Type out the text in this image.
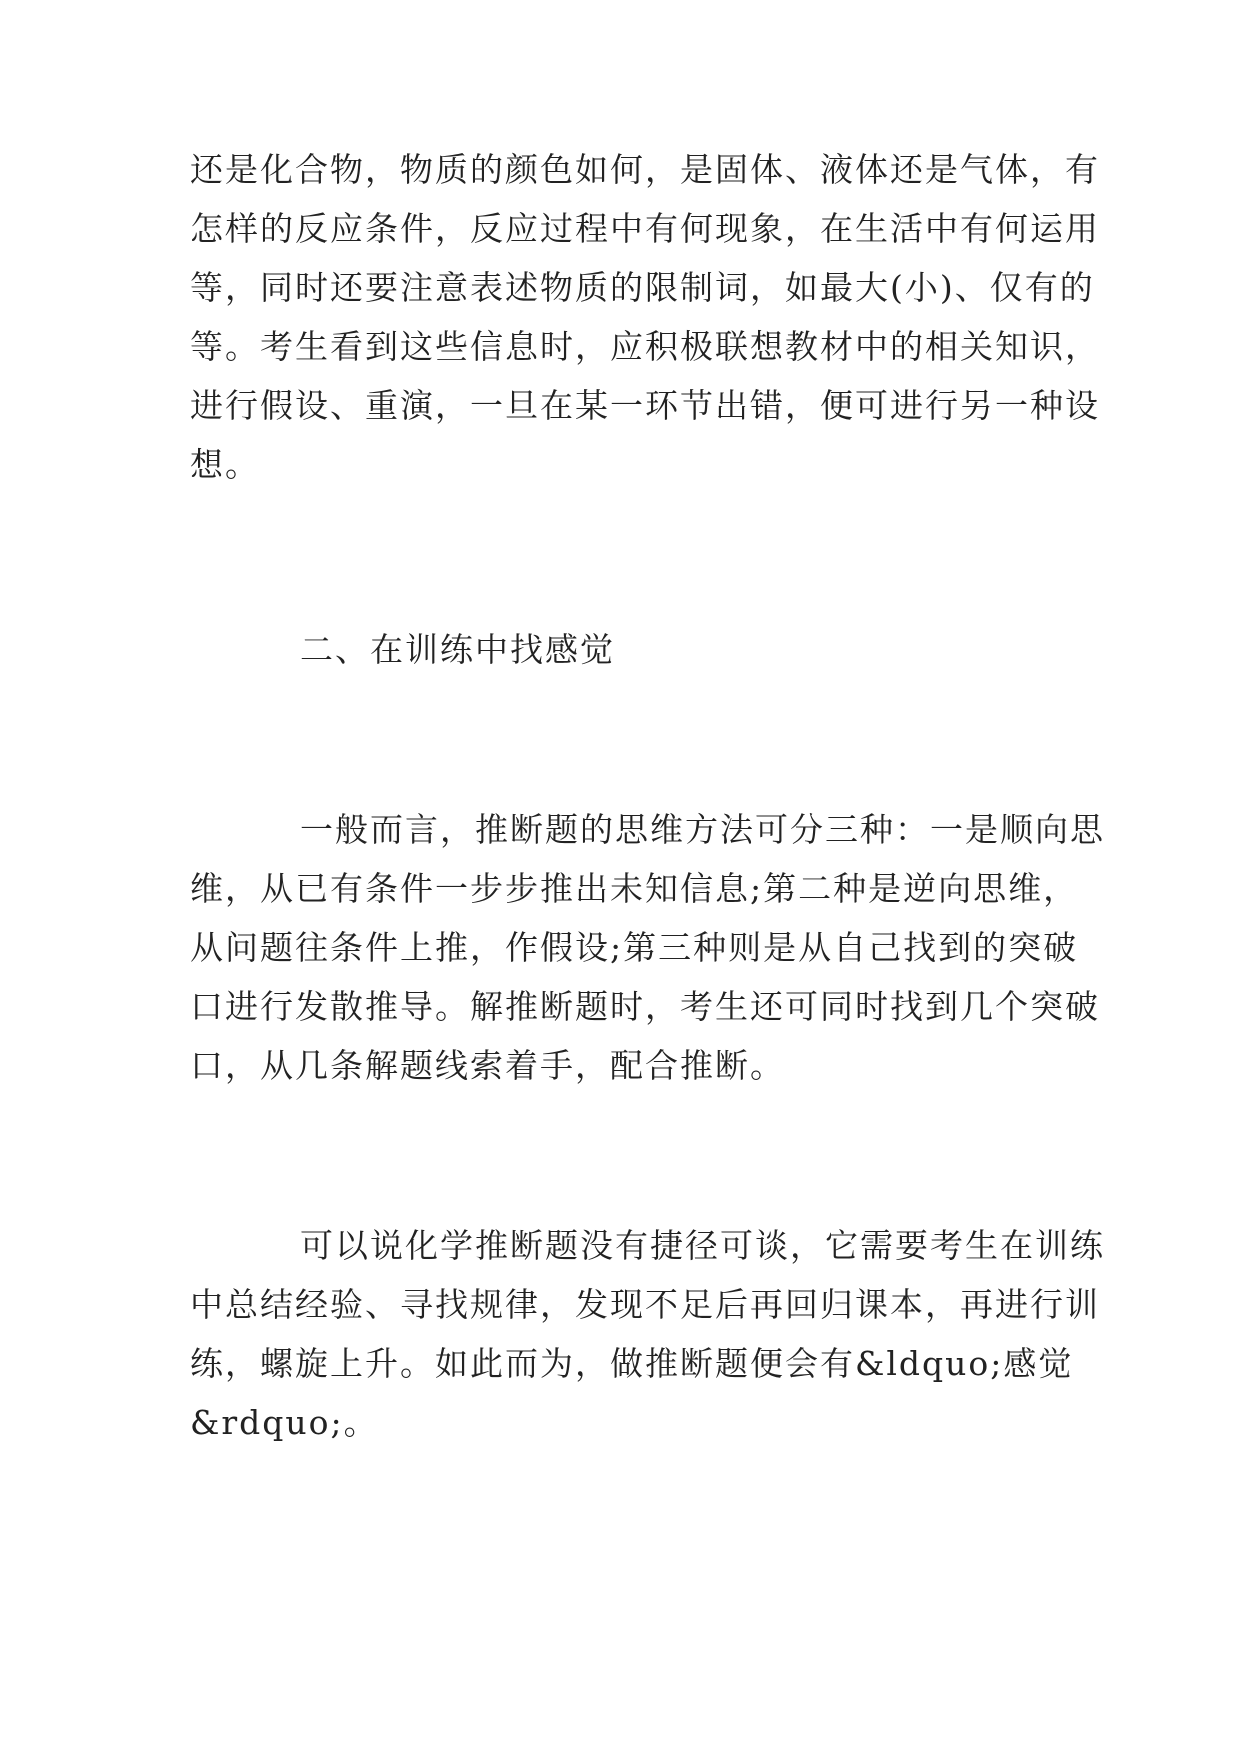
还是化合物，物质的颜色如何，是固体、液体还是气体，有
怎样的反应条件，反应过程中有何现象，在生活中有何运用
等，同时还要注意表述物质的限制词，如最大(小)、仅有的
等。考生看到这些信息时，应积极联想教材中的相关知识，
进行假设、重演，一旦在某一环节出错，便可进行另一种设
想。
二、在训练中找感觉
一般而言，推断题的思维方法可分三种：一是顺向思
维，从已有条件一步步推出未知信息;第二种是逆向思维，
从问题往条件上推，作假设;第三种则是从自己找到的突破
口进行发散推导。解推断题时，考生还可同时找到几个突破
口，从几条解题线索着手，配合推断。
可以说化学推断题没有捷径可谈，它需要考生在训练
中总结经验、寻找规律，发现不足后再回归课本，再进行训
练，螺旋上升。如此而为，做推断题便会有&ldquo;感觉
&rdquo;。
